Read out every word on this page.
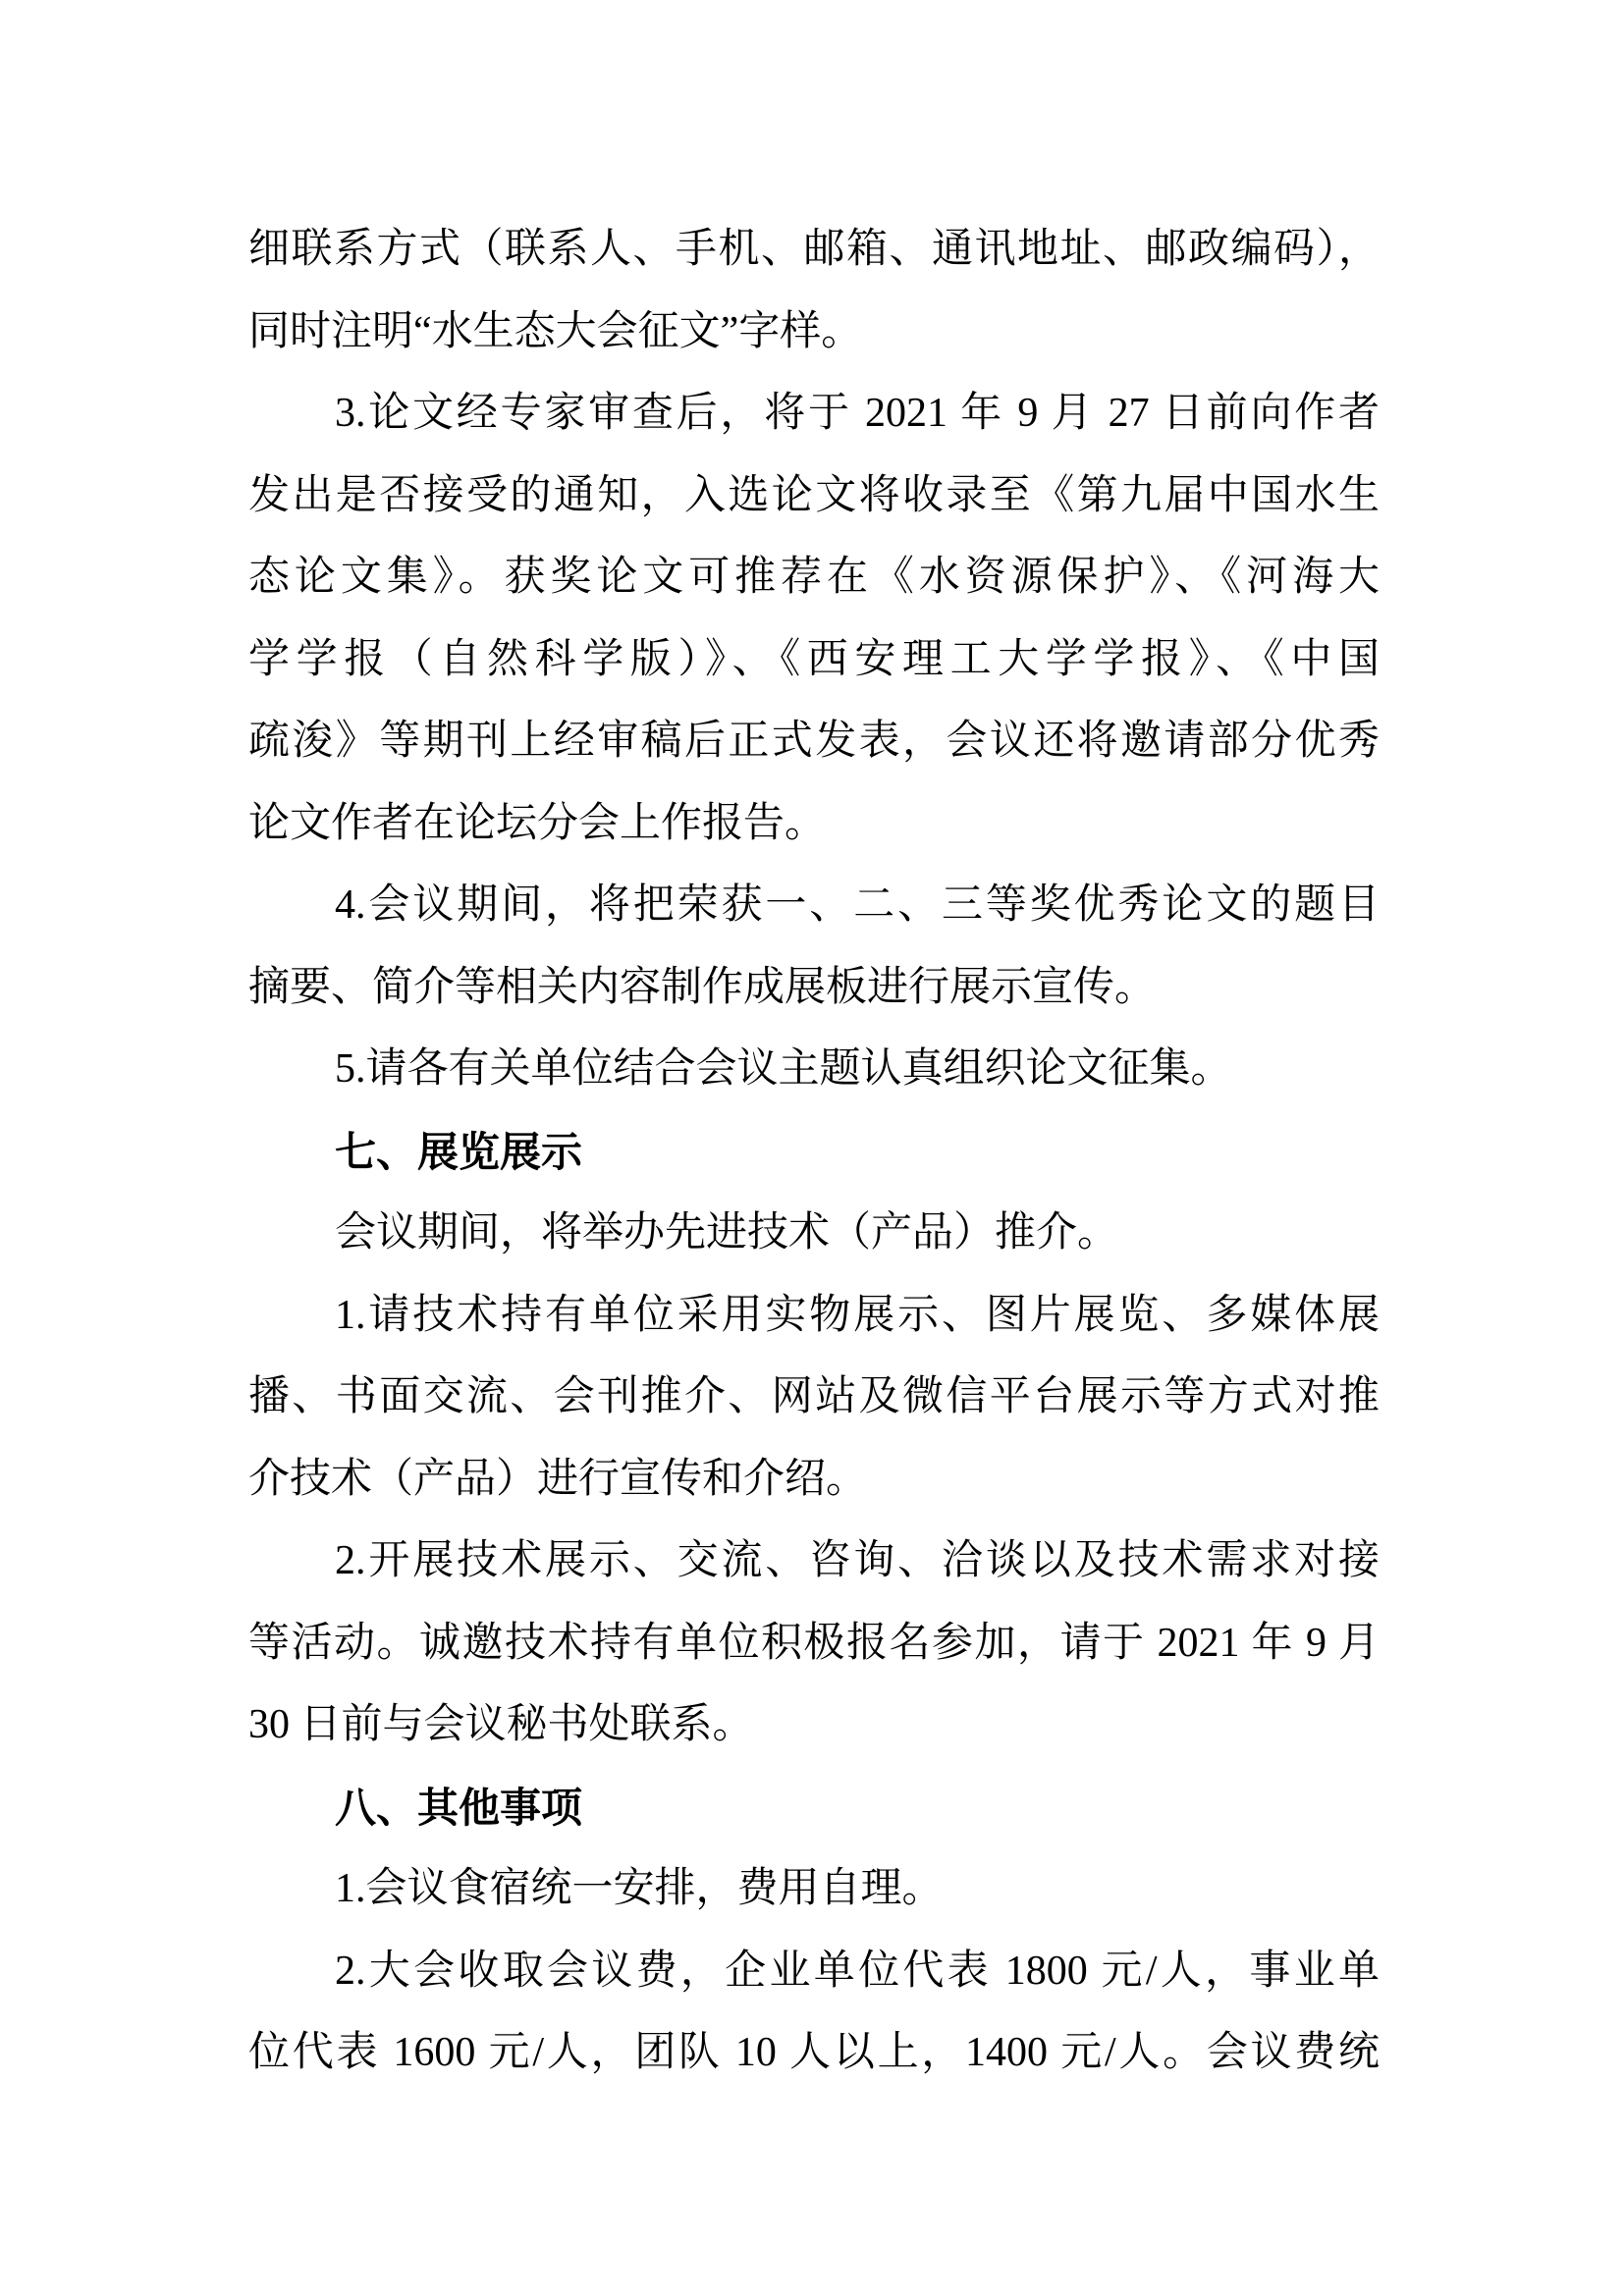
细联系方式（联系人、手机、邮箱、通讯地址、邮政编码），
同时注明“水生态大会征文”字样。
3.论文经专家审查后，将于 2021 年 9 月 27 日前向作者
发出是否接受的通知，入选论文将收录至《第九届中国水生
态论文集》。获奖论文可推荐在《水资源保护》、《河海大
学学报（自然科学版）》、《西安理工大学学报》、《中国
疏浚》等期刊上经审稿后正式发表，会议还将邀请部分优秀
论文作者在论坛分会上作报告。
4.会议期间，将把荣获一、二、三等奖优秀论文的题目
摘要、简介等相关内容制作成展板进行展示宣传。
5.请各有关单位结合会议主题认真组织论文征集。
七、展览展示
会议期间，将举办先进技术（产品）推介。
1.请技术持有单位采用实物展示、图片展览、多媒体展
播、书面交流、会刊推介、网站及微信平台展示等方式对推
介技术（产品）进行宣传和介绍。
2.开展技术展示、交流、咨询、洽谈以及技术需求对接
等活动。诚邀技术持有单位积极报名参加，请于 2021 年 9 月
30 日前与会议秘书处联系。
八、其他事项
1.会议食宿统一安排，费用自理。
2.大会收取会议费，企业单位代表 1800 元/人，事业单
位代表 1600 元/人，团队 10 人以上，1400 元/人。会议费统
